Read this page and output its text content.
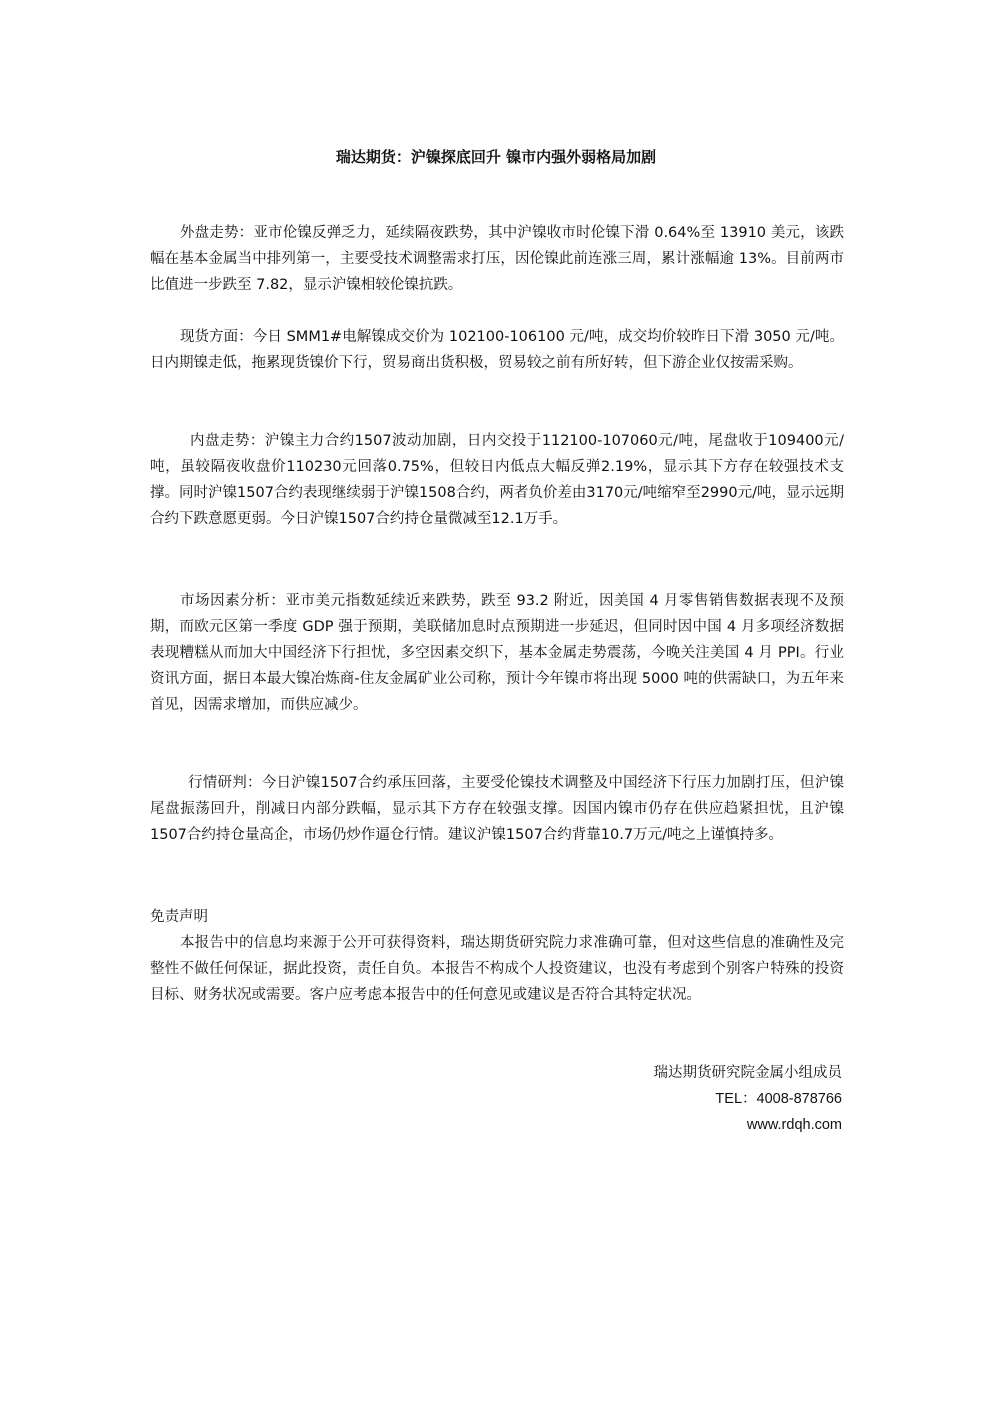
瑞达期货：沪镍探底回升 镍市内强外弱格局加剧

外盘走势：亚市伦镍反弹乏力，延续隔夜跌势，其中沪镍收市时伦镍下滑 0.64%至 13910 美元，该跌幅在基本金属当中排列第一，主要受技术调整需求打压，因伦镍此前连涨三周，累计涨幅逾 13%。目前两市比值进一步跌至 7.82，显示沪镍相较伦镍抗跌。

现货方面：今日 SMM1#电解镍成交价为 102100-106100 元/吨，成交均价较昨日下滑 3050 元/吨。日内期镍走低，拖累现货镍价下行，贸易商出货积极，贸易较之前有所好转，但下游企业仅按需采购。

内盘走势：沪镍主力合约1507波动加剧，日内交投于112100-107060元/吨，尾盘收于109400元/吨，虽较隔夜收盘价110230元回落0.75%，但较日内低点大幅反弹2.19%，显示其下方存在较强技术支撑。同时沪镍1507合约表现继续弱于沪镍1508合约，两者负价差由3170元/吨缩窄至2990元/吨，显示远期合约下跌意愿更弱。今日沪镍1507合约持仓量微减至12.1万手。

市场因素分析：亚市美元指数延续近来跌势，跌至 93.2 附近，因美国 4 月零售销售数据表现不及预期，而欧元区第一季度 GDP 强于预期，美联储加息时点预期进一步延迟，但同时因中国 4 月多项经济数据表现糟糕从而加大中国经济下行担忧，多空因素交织下，基本金属走势震荡，今晚关注美国 4 月 PPI。行业资讯方面，据日本最大镍冶炼商-住友金属矿业公司称，预计今年镍市将出现 5000 吨的供需缺口，为五年来首见，因需求增加，而供应减少。

行情研判：今日沪镍1507合约承压回落，主要受伦镍技术调整及中国经济下行压力加剧打压，但沪镍尾盘振荡回升，削减日内部分跌幅，显示其下方存在较强支撑。因国内镍市仍存在供应趋紧担忧，且沪镍1507合约持仓量高企，市场仍炒作逼仓行情。建议沪镍1507合约背靠10.7万元/吨之上谨慎持多。

免责声明

本报告中的信息均来源于公开可获得资料，瑞达期货研究院力求准确可靠，但对这些信息的准确性及完整性不做任何保证，据此投资，责任自负。本报告不构成个人投资建议，也没有考虑到个别客户特殊的投资目标、财务状况或需要。客户应考虑本报告中的任何意见或建议是否符合其特定状况。

瑞达期货研究院金属小组成员
TEL：4008-878766
www.rdqh.com
